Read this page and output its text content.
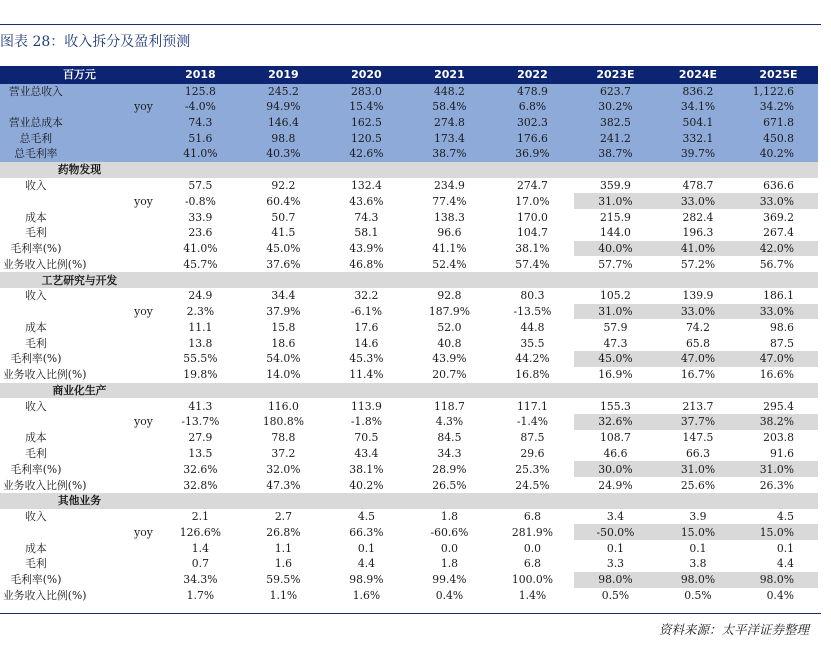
图表 28：收入拆分及盈利预测
百万元		2018	2019	2020	2021	2022	2023E	2024E	2025E
营业总收入		125.8	245.2	283.0	448.2	478.9	623.7	836.2	1,122.6
	yoy	-4.0%	94.9%	15.4%	58.4%	6.8%	30.2%	34.1%	34.2%
营业总成本		74.3	146.4	162.5	274.8	302.3	382.5	504.1	671.8
总毛利		51.6	98.8	120.5	173.4	176.6	241.2	332.1	450.8
总毛利率		41.0%	40.3%	42.6%	38.7%	36.9%	38.7%	39.7%	40.2%
药物发现									
收入		57.5	92.2	132.4	234.9	274.7	359.9	478.7	636.6
	yoy	-0.8%	60.4%	43.6%	77.4%	17.0%	31.0%	33.0%	33.0%
成本		33.9	50.7	74.3	138.3	170.0	215.9	282.4	369.2
毛利		23.6	41.5	58.1	96.6	104.7	144.0	196.3	267.4
毛利率(%)		41.0%	45.0%	43.9%	41.1%	38.1%	40.0%	41.0%	42.0%
业务收入比例(%)		45.7%	37.6%	46.8%	52.4%	57.4%	57.7%	57.2%	56.7%
工艺研究与开发									
收入		24.9	34.4	32.2	92.8	80.3	105.2	139.9	186.1
	yoy	2.3%	37.9%	-6.1%	187.9%	-13.5%	31.0%	33.0%	33.0%
成本		11.1	15.8	17.6	52.0	44.8	57.9	74.2	98.6
毛利		13.8	18.6	14.6	40.8	35.5	47.3	65.8	87.5
毛利率(%)		55.5%	54.0%	45.3%	43.9%	44.2%	45.0%	47.0%	47.0%
业务收入比例(%)		19.8%	14.0%	11.4%	20.7%	16.8%	16.9%	16.7%	16.6%
商业化生产									
收入		41.3	116.0	113.9	118.7	117.1	155.3	213.7	295.4
	yoy	-13.7%	180.8%	-1.8%	4.3%	-1.4%	32.6%	37.7%	38.2%
成本		27.9	78.8	70.5	84.5	87.5	108.7	147.5	203.8
毛利		13.5	37.2	43.4	34.3	29.6	46.6	66.3	91.6
毛利率(%)		32.6%	32.0%	38.1%	28.9%	25.3%	30.0%	31.0%	31.0%
业务收入比例(%)		32.8%	47.3%	40.2%	26.5%	24.5%	24.9%	25.6%	26.3%
其他业务									
收入		2.1	2.7	4.5	1.8	6.8	3.4	3.9	4.5
	yoy	126.6%	26.8%	66.3%	-60.6%	281.9%	-50.0%	15.0%	15.0%
成本		1.4	1.1	0.1	0.0	0.0	0.1	0.1	0.1
毛利		0.7	1.6	4.4	1.8	6.8	3.3	3.8	4.4
毛利率(%)		34.3%	59.5%	98.9%	99.4%	100.0%	98.0%	98.0%	98.0%
业务收入比例(%)		1.7%	1.1%	1.6%	0.4%	1.4%	0.5%	0.5%	0.4%
资料来源：太平洋证券整理
